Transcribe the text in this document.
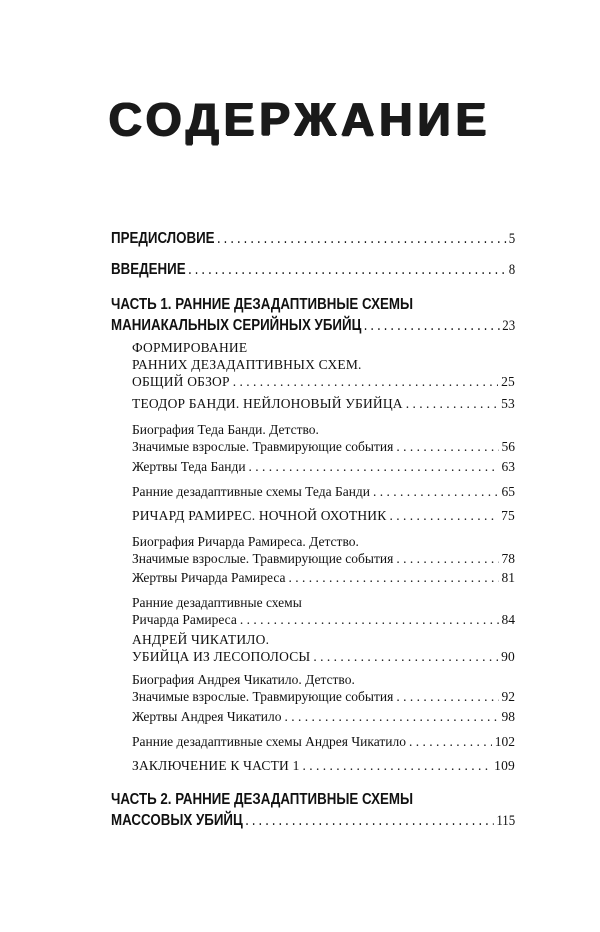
СОДЕРЖАНИЕ
ПРЕДИСЛОВИЕ . . .	5
ВВЕДЕНИЕ . . .	8
ЧАСТЬ 1. РАННИЕ ДЕЗАДАПТИВНЫЕ СХЕМЫ
МАНИАКАЛЬНЫХ СЕРИЙНЫХ УБИЙЦ . . .	23
ФОРМИРОВАНИЕ
РАННИХ ДЕЗАДАПТИВНЫХ СХЕМ.
ОБЩИЙ ОБЗОР . . .	25
ТЕОДОР БАНДИ. НЕЙЛОНОВЫЙ УБИЙЦА . . .	53
Биография Теда Банди. Детство.
Значимые взрослые. Травмирующие события . . .	56
Жертвы Теда Банди . . .	63
Ранние дезадаптивные схемы Теда Банди . . .	65
РИЧАРД РАМИРЕС. НОЧНОЙ ОХОТНИК . . .	75
Биография Ричарда Рамиреса. Детство.
Значимые взрослые. Травмирующие события . . .	78
Жертвы Ричарда Рамиреса . . .	81
Ранние дезадаптивные схемы
Ричарда Рамиреса . . .	84
АНДРЕЙ ЧИКАТИЛО.
УБИЙЦА ИЗ ЛЕСОПОЛОСЫ . . .	90
Биография Андрея Чикатило. Детство.
Значимые взрослые. Травмирующие события . . .	92
Жертвы Андрея Чикатило . . .	98
Ранние дезадаптивные схемы Андрея Чикатило . . .	102
ЗАКЛЮЧЕНИЕ К ЧАСТИ 1 . . .	109
ЧАСТЬ 2. РАННИЕ ДЕЗАДАПТИВНЫЕ СХЕМЫ
МАССОВЫХ УБИЙЦ . . .	115
